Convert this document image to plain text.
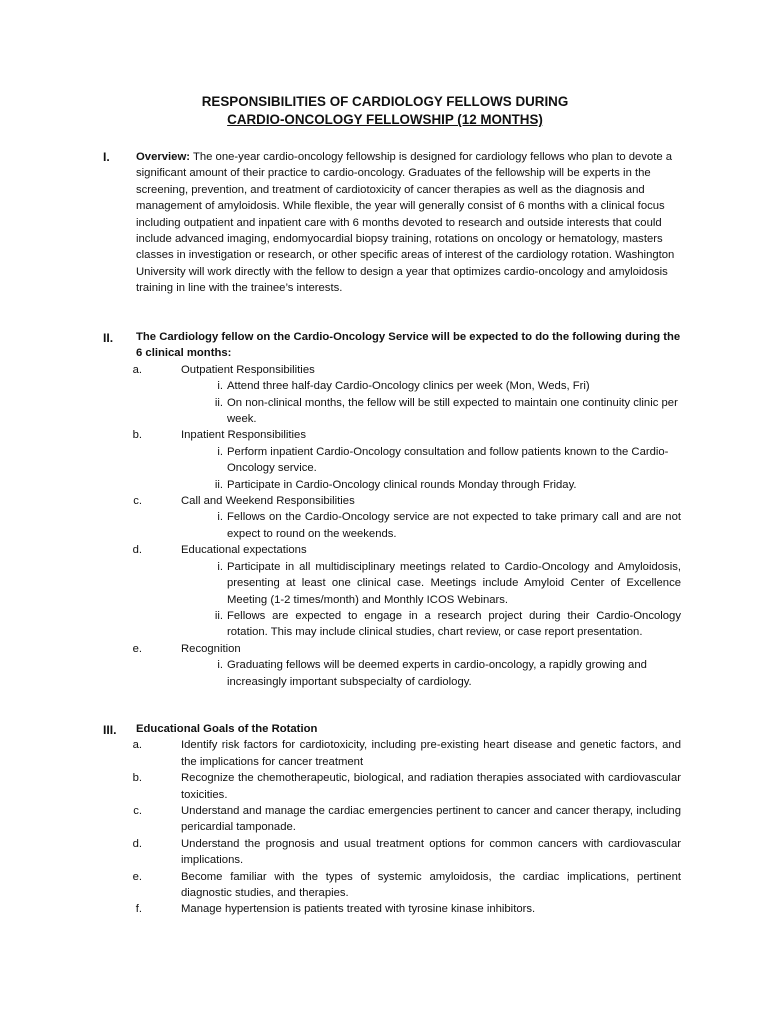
RESPONSIBILITIES OF CARDIOLOGY FELLOWS DURING
CARDIO-ONCOLOGY FELLOWSHIP (12 MONTHS)
I. Overview: The one-year cardio-oncology fellowship is designed for cardiology fellows who plan to devote a significant amount of their practice to cardio-oncology. Graduates of the fellowship will be experts in the screening, prevention, and treatment of cardiotoxicity of cancer therapies as well as the diagnosis and management of amyloidosis. While flexible, the year will generally consist of 6 months with a clinical focus including outpatient and inpatient care with 6 months devoted to research and outside interests that could include advanced imaging, endomyocardial biopsy training, rotations on oncology or hematology, masters classes in investigation or research, or other specific areas of interest of the cardiology rotation. Washington University will work directly with the fellow to design a year that optimizes cardio-oncology and amyloidosis training in line with the trainee’s interests.
II. The Cardiology fellow on the Cardio-Oncology Service will be expected to do the following during the 6 clinical months:
a.	Outpatient Responsibilities
i. Attend three half-day Cardio-Oncology clinics per week (Mon, Weds, Fri)
ii. On non-clinical months, the fellow will be still expected to maintain one continuity clinic per week.
b.	Inpatient Responsibilities
i. Perform inpatient Cardio-Oncology consultation and follow patients known to the Cardio-Oncology service.
ii. Participate in Cardio-Oncology clinical rounds Monday through Friday.
c.	Call and Weekend Responsibilities
i. Fellows on the Cardio-Oncology service are not expected to take primary call and are not expect to round on the weekends.
d.	Educational expectations
i. Participate in all multidisciplinary meetings related to Cardio-Oncology and Amyloidosis, presenting at least one clinical case. Meetings include Amyloid Center of Excellence Meeting (1-2 times/month) and Monthly ICOS Webinars.
ii. Fellows are expected to engage in a research project during their Cardio-Oncology rotation. This may include clinical studies, chart review, or case report presentation.
e.	Recognition
i. Graduating fellows will be deemed experts in cardio-oncology, a rapidly growing and increasingly important subspecialty of cardiology.
III. Educational Goals of the Rotation
a.	Identify risk factors for cardiotoxicity, including pre-existing heart disease and genetic factors, and the implications for cancer treatment
b.	Recognize the chemotherapeutic, biological, and radiation therapies associated with cardiovascular toxicities.
c.	Understand and manage the cardiac emergencies pertinent to cancer and cancer therapy, including pericardial tamponade.
d.	Understand the prognosis and usual treatment options for common cancers with cardiovascular implications.
e.	Become familiar with the types of systemic amyloidosis, the cardiac implications, pertinent diagnostic studies, and therapies.
f.	Manage hypertension is patients treated with tyrosine kinase inhibitors.
